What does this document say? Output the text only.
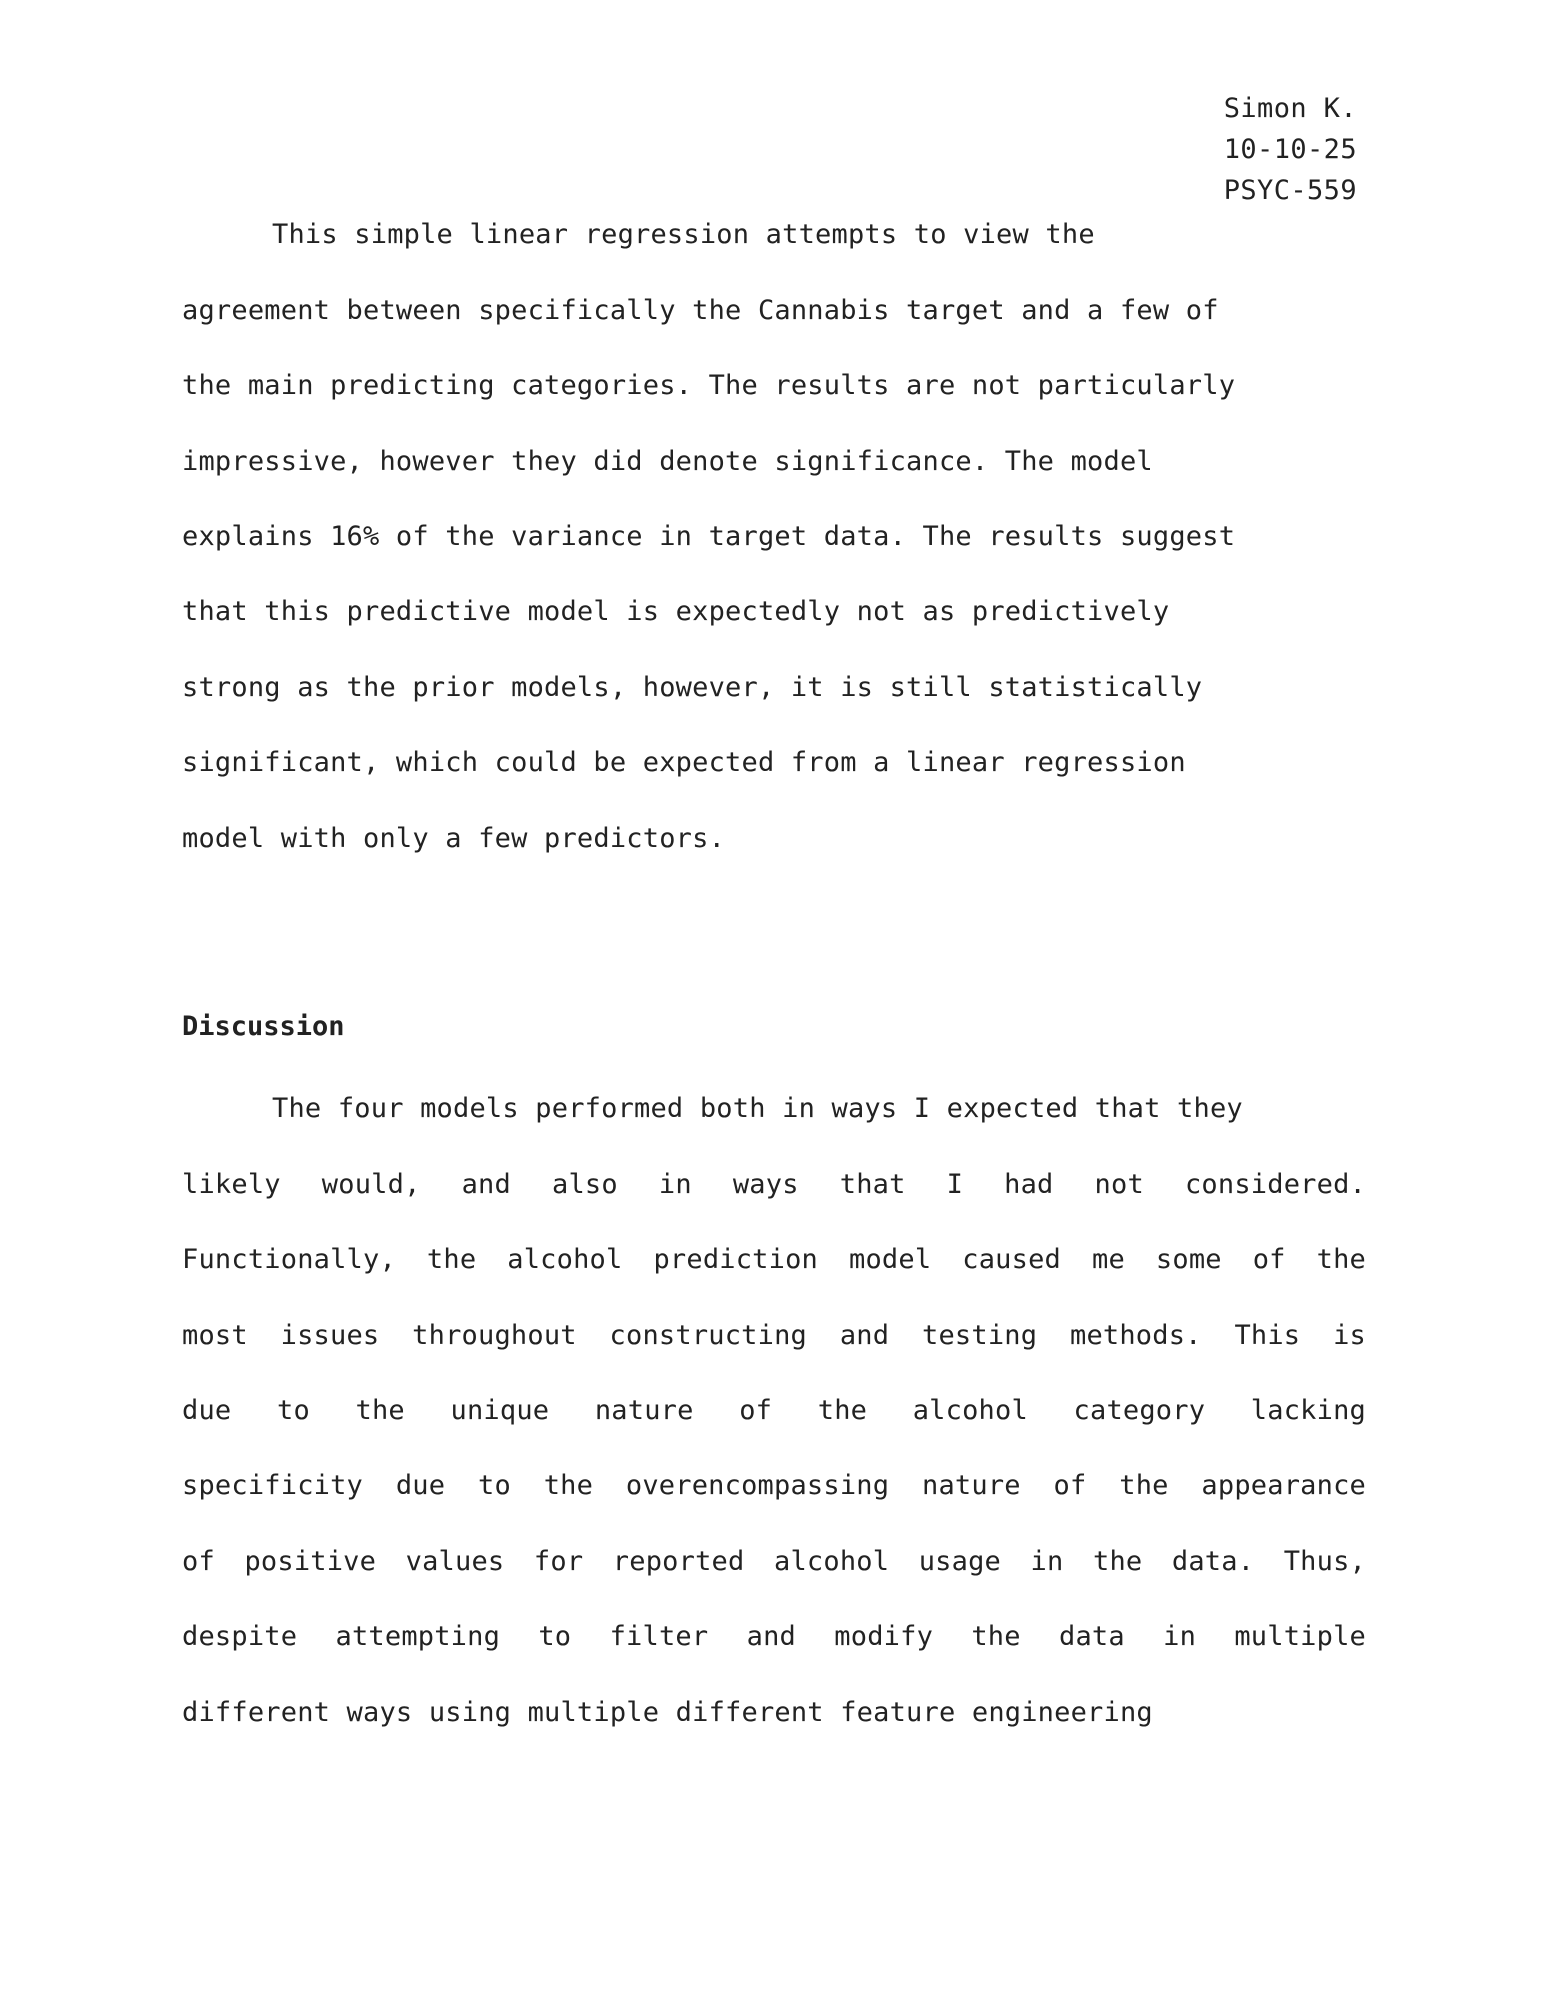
Simon K.
10-10-25
PSYC-559
This simple linear regression attempts to view the
agreement between specifically the Cannabis target and a few of
the main predicting categories. The results are not particularly
impressive, however they did denote significance. The model
explains 16% of the variance in target data. The results suggest
that this predictive model is expectedly not as predictively
strong as the prior models, however, it is still statistically
significant, which could be expected from a linear regression
model with only a few predictors.
Discussion
The four models performed both in ways I expected that they
likely would, and also in ways that I had not considered.
Functionally, the alcohol prediction model caused me some of the
most issues throughout constructing and testing methods. This is
due to the unique nature of the alcohol category lacking
specificity due to the overencompassing nature of the appearance
of positive values for reported alcohol usage in the data. Thus,
despite attempting to filter and modify the data in multiple
different ways using multiple different feature engineering
